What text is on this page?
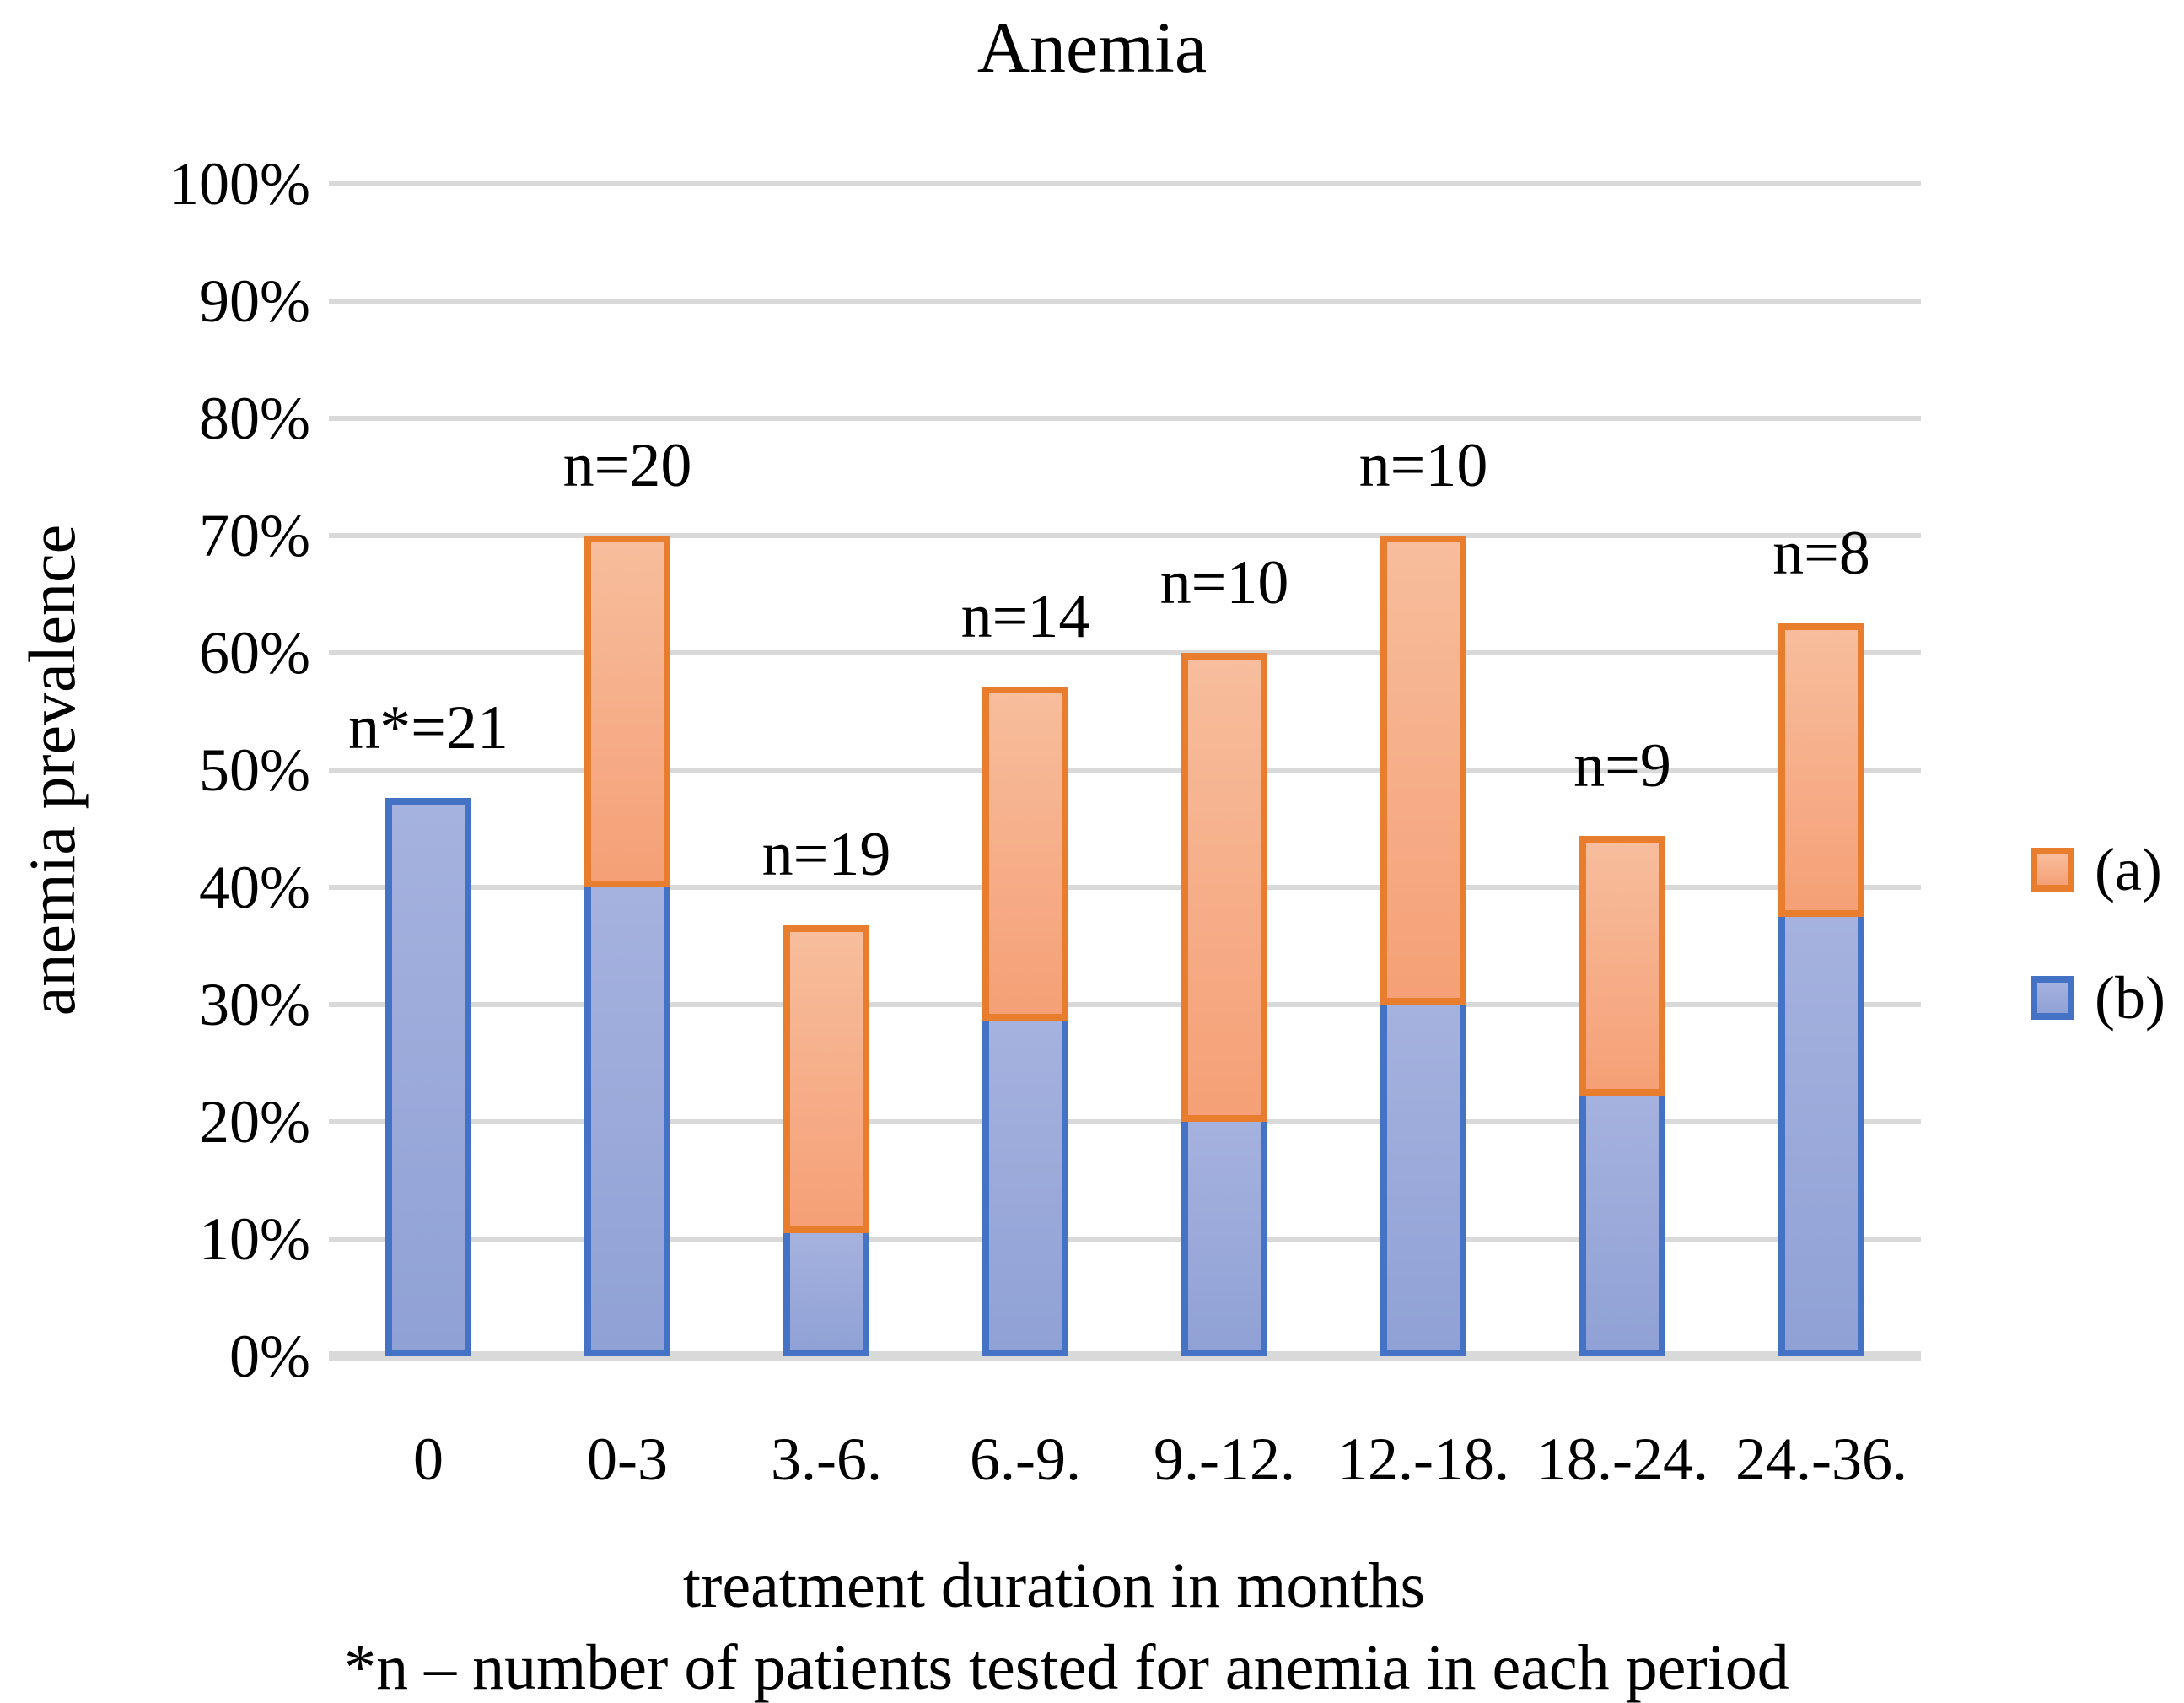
Anemia
anemia prevalence
treatment duration in months
*n – number of patients tested for anemia in each period
(a)
(b)
100%
90%
80%
70%
60%
50%
40%
30%
20%
10%
0%
n*=21
0
n=20
0-3
n=19
3.-6.
n=14
6.-9.
n=10
9.-12.
n=10
12.-18.
n=9
18.-24.
n=8
24.-36.
